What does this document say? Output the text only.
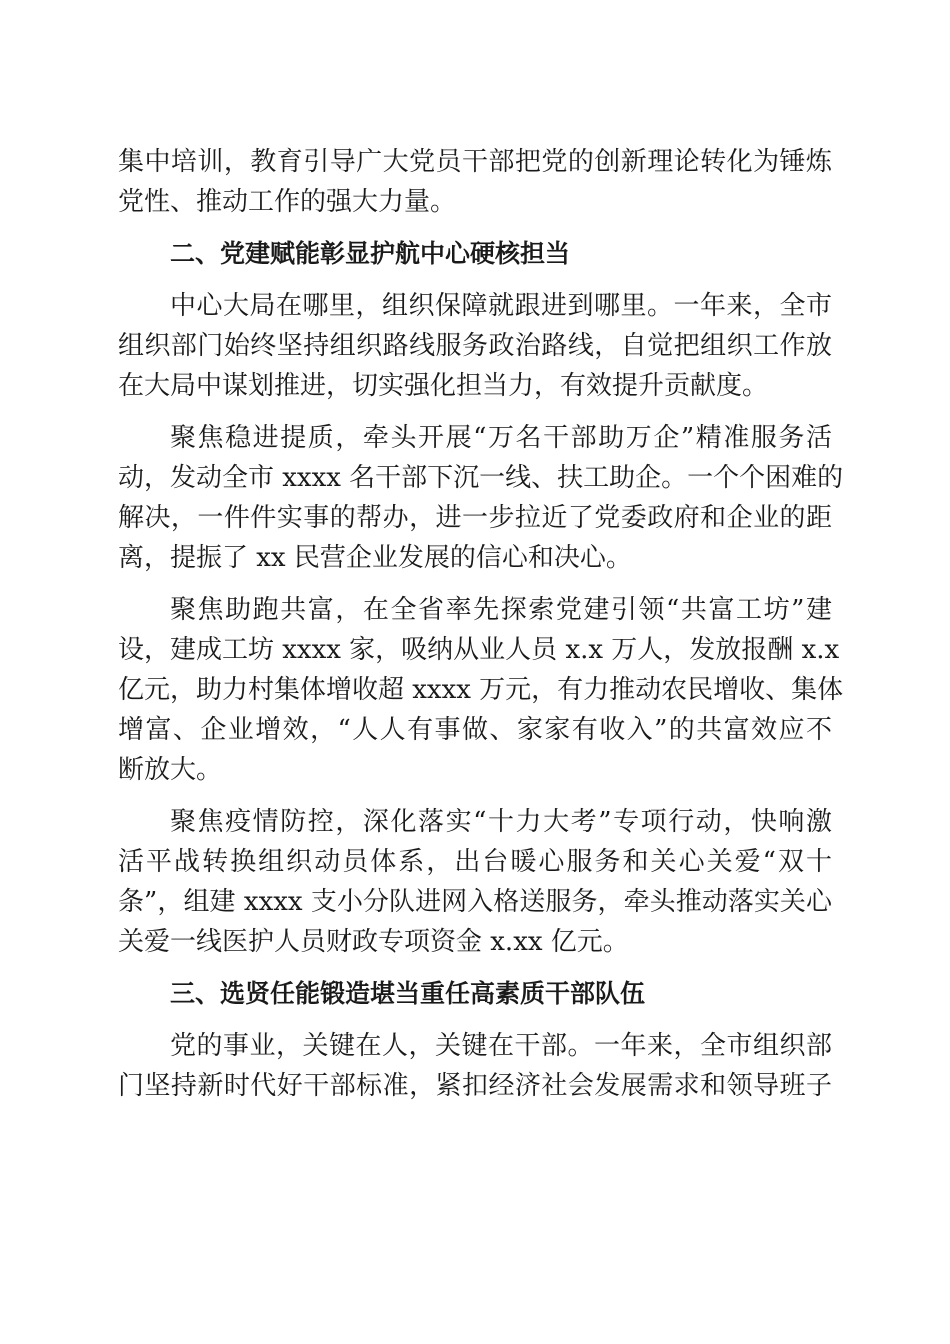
集中培训，教育引导广大党员干部把党的创新理论转化为锤炼
党性、推动工作的强大力量。
二、党建赋能彰显护航中心硬核担当
中心大局在哪里，组织保障就跟进到哪里。一年来，全市
组织部门始终坚持组织路线服务政治路线，自觉把组织工作放
在大局中谋划推进，切实强化担当力，有效提升贡献度。
聚焦稳进提质，牵头开展“万名干部助万企”精准服务活
动，发动全市 xxxx 名干部下沉一线、扶工助企。一个个困难的
解决，一件件实事的帮办，进一步拉近了党委政府和企业的距
离，提振了 xx 民营企业发展的信心和决心。
聚焦助跑共富，在全省率先探索党建引领“共富工坊”建
设，建成工坊 xxxx 家，吸纳从业人员 x.x 万人，发放报酬 x.x
亿元，助力村集体增收超 xxxx 万元，有力推动农民增收、集体
增富、企业增效，“人人有事做、家家有收入”的共富效应不
断放大。
聚焦疫情防控，深化落实“十力大考”专项行动，快响激
活平战转换组织动员体系，出台暖心服务和关心关爱“双十
条”，组建 xxxx 支小分队进网入格送服务，牵头推动落实关心
关爱一线医护人员财政专项资金 x.xx 亿元。
三、选贤任能锻造堪当重任高素质干部队伍
党的事业，关键在人，关键在干部。一年来，全市组织部
门坚持新时代好干部标准，紧扣经济社会发展需求和领导班子
